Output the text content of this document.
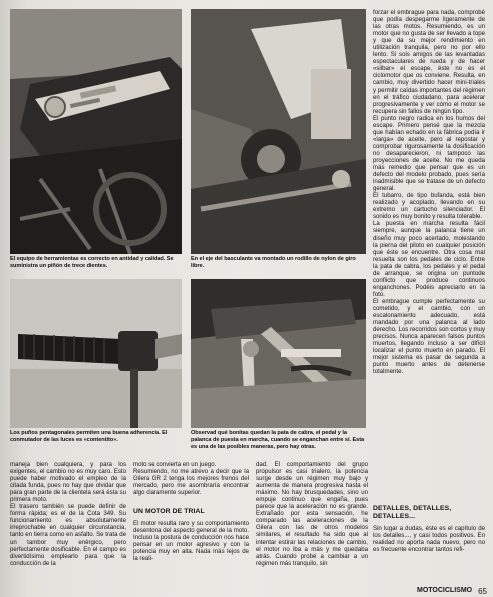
El equipo de herramientas es correcto en antidad y calidad. Se suministra un piñón de trece dientes.
En el eje del basculante va montado un rodillo de nylon de giro libre.
Los puños pentagonales permiten una buena adherencia. El conmutador de las luces es «contentito».
Observad qué bonitas quedan la pata de cabra, el pedal y la palanca de puesta en marcha, cuando se enganchan entre sí. Esta es una de las posibles maneras, pero hay otras.
maneja bien cualquiera, y para los exigentes, el cambio no es muy caro. Esto puede haber motivado el empleo de la citada funda, pues no hay que olvidar que para gran parte de la clientela será ésta su primera moto.
El trasero también se puede definir de forma rápida; es el de la Cota 349. Su funcionamiento es absolutamente irreprochable en cualquier circunstancia, tanto en tierra como en asfalto. Se trata de un tambor muy enérgico, pero perfectamente dosificable. En el campo es divertidísimo emplearlo para que la conducción de la
moto se convierta en un juego.
Resumiendo, no me atrevo a decir que la Gilera GR 2 tenga los mejores frenos del mercado, pero me asombraría encontrar algo claramente superior.
UN MOTOR DE TRIAL
El motor resulta raro y su comportamiento desentona del aspecto general de la moto. Incluso la postura de conducción nos hace pensar en un motor agresivo y con la potencia muy en alta. Nada más lejos de la reali-
dad. El comportamiento del grupo propulsor es casi trialero, la potencia surge desde un régimen muy bajo y aumenta de manera progresiva hasta el máximo. No hay brusquedades, sino un empuje continuo que engaña, pues parece que la aceleración no es grande. Extrañado por esta sensación, he comparado las aceleraciones de la Gilera con las de otros modelos similares, el resultado ha sido que al intentar estirar las relaciones de cambio, el motor no iba a más y me quedaba atrás. Cuando probé a cambiar a un régimen más tranquilo, sin
forzar el embrague para nada, comprobé que podía despegarme ligeramente de las otras motos. Resumiendo, es un motor que no gusta de ser llevado a tope y que da su mejor rendimiento en utilización tranquila, pero no por ello lento. Si sois amigos de las levantadas espectaculares de rueda y de hacer «silbar» el escape, éste no es el ciclomotor que os conviene. Resulta, en cambio, muy divertido hacer mini-triales y permitir caídas importantes del régimen en el tráfico ciudadano, para acelerar progresivamente y ver cómo el motor se recupera sin fallos de ningún tipo.
El punto negro radica en los humos del escape. Primero pensé que la mezcla que habían echado en la fábrica podía ir «larga» de aceite, pero al repostar y comprobar rigurosamente la dosificación no desaparecieron, ni tampoco las proyecciones de aceite. No me queda más remedio que pensar que es un defecto del modelo probado, pues sería inadmisible que se tratase de un defecto general.
El tubarro, de tipo bufanda, está bien realizado y acoplado, llevando en su extremo un cartucho silenciador. El sonido es muy bonito y resulta tolerable.
La puesta en marcha resulta fácil siempre, aunque la palanca tiene un diseño muy poco acertado, molestando la pierna del piloto en cualquier posición que éste se encuentre. Otra cosa mal resuelta son los pedales de ciclo. Entre la pata de cabra, los pedales y el pedal de arranque, se origina un puntode conflicto que produce continuos enganchones. Podéis apreciarlo en la foto.
El embrague cumple perfectamente su cometido, y el cambio, con un escalonamiento adecuado, está mandado por una palanca al lado derecho. Los recorridos son cortos y muy precisos. Nunca aparecen falsos puntos muertos, llegando incluso a ser difícil localizar el punto muerto en parado. El mejor sistema es pasar de segunda a punto muerto antes de detenerse totalmente.
DETALLES, DETALLES,
DETALLES...
Sin lugar a dudas, éste es el capítulo de los detalles..., y casi todos positivos. En realidad no aporta nada nuevo, pero no es frecuente encontrar tantos refi-
MOTOCICLISMO 65
